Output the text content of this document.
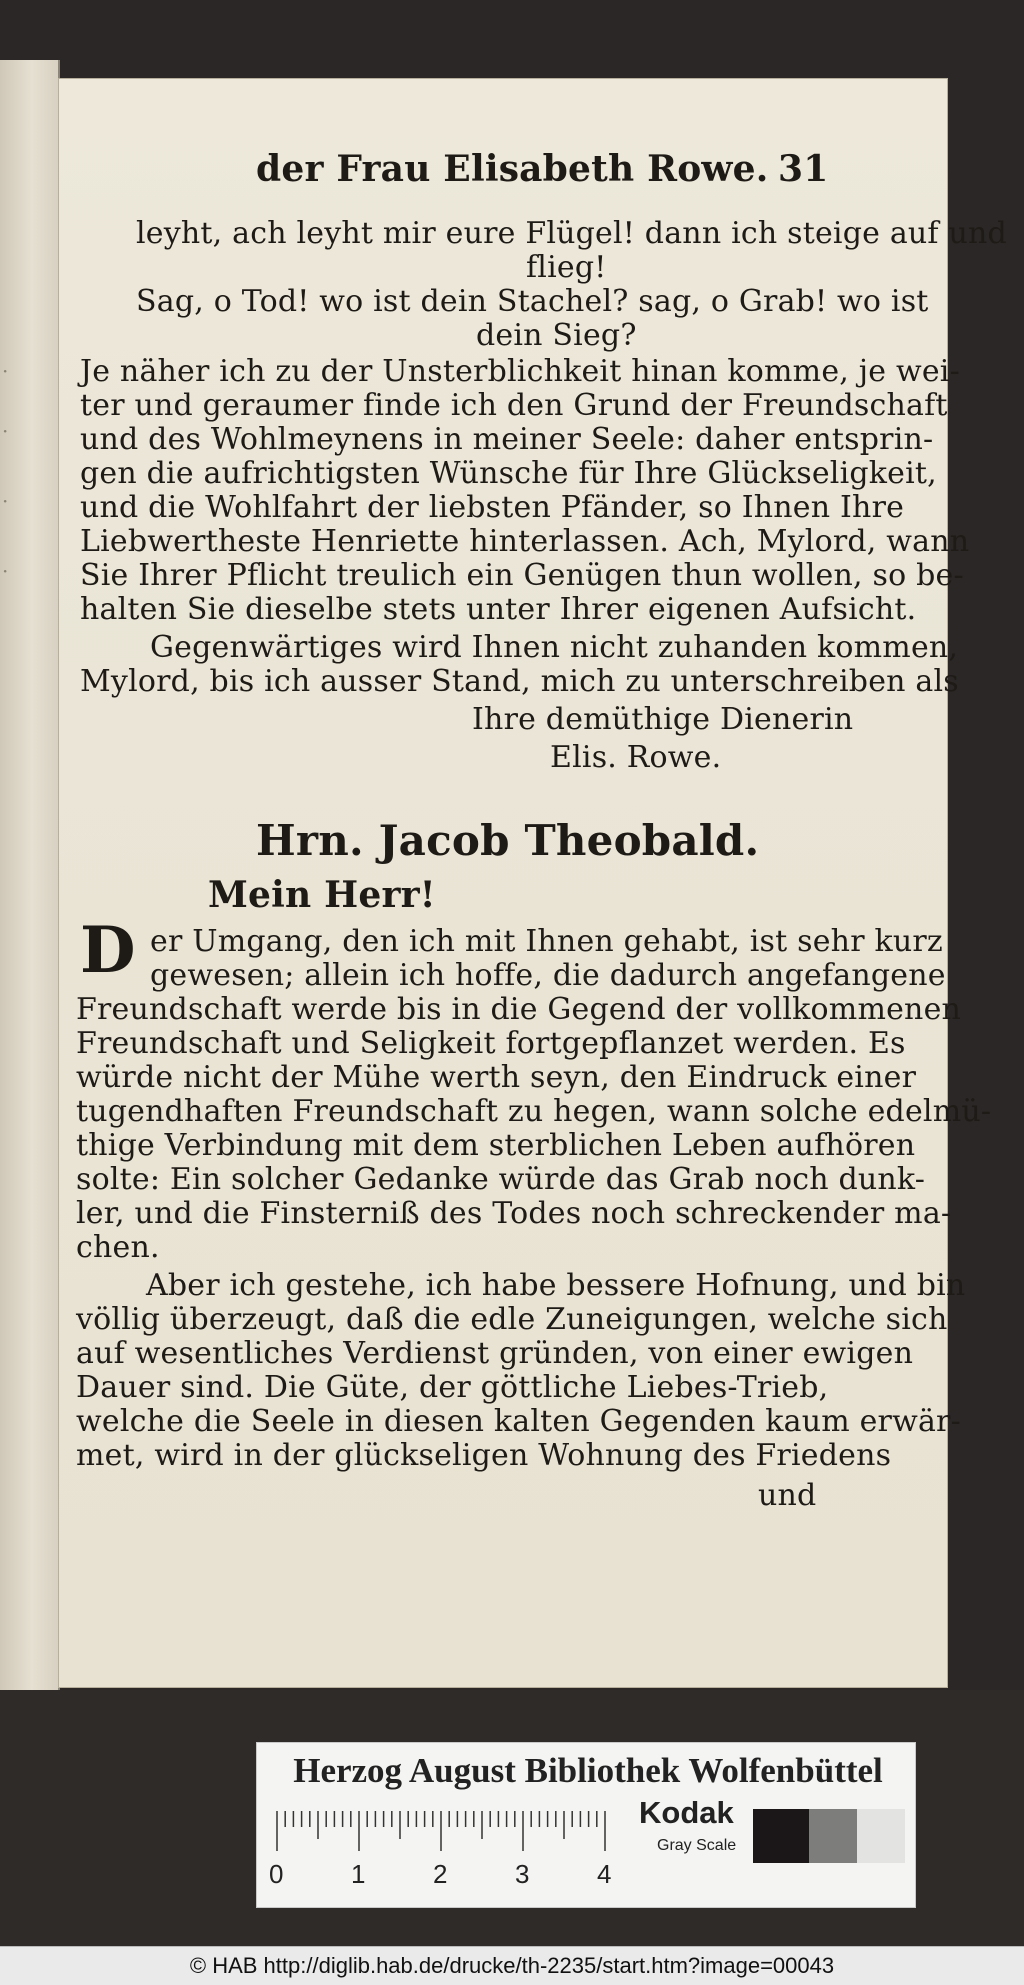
·
·
·
·
der Frau Elisabeth Rowe. 31
leyht, ach leyht mir eure Flügel! dann ich steige auf und
flieg!
Sag, o Tod! wo ist dein Stachel? sag, o Grab! wo ist
dein Sieg?
Je näher ich zu der Unsterblichkeit hinan komme, je wei-
ter und geraumer finde ich den Grund der Freundschaft
und des Wohlmeynens in meiner Seele: daher entsprin-
gen die aufrichtigsten Wünsche für Ihre Glückseligkeit,
und die Wohlfahrt der liebsten Pfänder, so Ihnen Ihre
Liebwertheste Henriette hinterlassen. Ach, Mylord, wann
Sie Ihrer Pflicht treulich ein Genügen thun wollen, so be-
halten Sie dieselbe stets unter Ihrer eigenen Aufsicht.
Gegenwärtiges wird Ihnen nicht zuhanden kommen,
Mylord, bis ich ausser Stand, mich zu unterschreiben als
Ihre demüthige Dienerin
Elis. Rowe.
Hrn. Jacob Theobald.
Mein Herr!
D er Umgang, den ich mit Ihnen gehabt, ist sehr kurz
gewesen; allein ich hoffe, die dadurch angefangene
Freundschaft werde bis in die Gegend der vollkommenen
Freundschaft und Seligkeit fortgepflanzet werden. Es
würde nicht der Mühe werth seyn, den Eindruck einer
tugendhaften Freundschaft zu hegen, wann solche edelmü-
thige Verbindung mit dem sterblichen Leben aufhören
solte: Ein solcher Gedanke würde das Grab noch dunk-
ler, und die Finsterniß des Todes noch schreckender ma-
chen.
Aber ich gestehe, ich habe bessere Hofnung, und bin
völlig überzeugt, daß die edle Zuneigungen, welche sich
auf wesentliches Verdienst gründen, von einer ewigen
Dauer sind. Die Güte, der göttliche Liebes-Trieb,
welche die Seele in diesen kalten Gegenden kaum erwär-
met, wird in der glückseligen Wohnung des Friedens
und
Herzog August Bibliothek Wolfenbüttel
0	1	2	3	4
Kodak
Gray Scale
© HAB http://diglib.hab.de/drucke/th-2235/start.htm?image=00043
